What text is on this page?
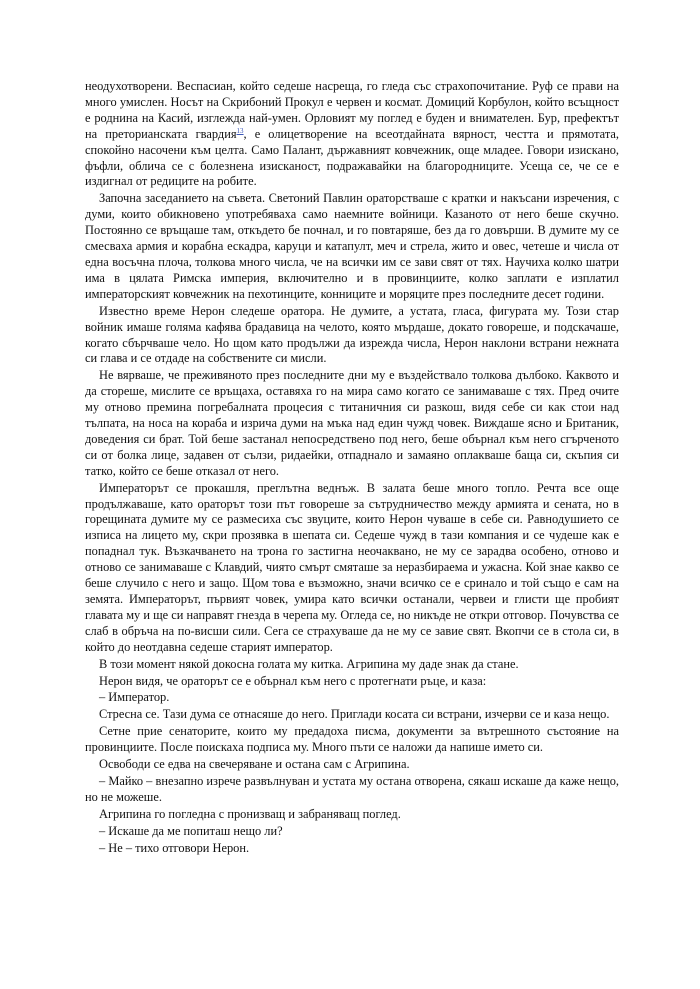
неодухотворени. Веспасиан, който седеше насреща, го гледа със страхопочитание. Руф се прави на много умислен. Носът на Скрибоний Прокул е червен и космат. Домиций Корбулон, който всъщност е роднина на Касий, изглежда най-умен. Орловият му поглед е буден и внимателен. Бур, префектът на преторианската гвардия$^{13}$, е олицетворение на всеотдайната вярност, честта и прямотата, спокойно насочени към целта. Само Палант, държавният ковчежник, още младее. Говори изискано, фъфли, облича се с болезнена изисканост, подражавайки на благородниците. Усеща се, че се е издигнал от редиците на робите.

Започна заседанието на съвета. Светоний Павлин ораторстваше с кратки и накъсани изречения, с думи, които обикновено употребяваха само наемните войници. Казаното от него беше скучно. Постоянно се връщаше там, откъдето бе почнал, и го повтаряше, без да го довърши. В думите му се смесваха армия и корабна ескадра, каруци и катапулт, меч и стрела, жито и овес, четеше и числа от една восъчна плоча, толкова много числа, че на всички им се зави свят от тях. Научиха колко шатри има в цялата Римска империя, включително и в провинциите, колко заплати е изплатил императорският ковчежник на пехотинците, конниците и моряците през последните десет години.

Известно време Нерон следеше оратора. Не думите, а устата, гласа, фигурата му. Този стар войник имаше голяма кафява брадавица на челото, която мърдаше, докато говореше, и подскачаше, когато сбърчваше чело. Но щом като продължи да изрежда числа, Нерон наклони встрани нежната си глава и се отдаде на собствените си мисли.

Не вярваше, че преживяното през последните дни му е въздействало толкова дълбоко. Каквото и да стореше, мислите се връщаха, оставяха го на мира само когато се занимаваше с тях. Пред очите му отново премина погребалната процесия с титаничния си разкош, видя себе си как стои над тълпата, на носа на кораба и изрича думи на мъка над един чужд човек. Виждаше ясно и Британик, доведения си брат. Той беше застанал непосредствено под него, беше обърнал към него сгърченото си от болка лице, задавен от сълзи, ридаейки, отпаднало и замаяно оплакваше баща си, скъпия си татко, който се беше отказал от него.

Императорът се прокашля, преглътна веднъж. В залата беше много топло. Речта все още продължаваше, като ораторът този път говореше за сътрудничество между армията и сената, но в горещината думите му се размесиха със звуците, които Нерон чуваше в себе си. Равнодушието се изписа на лицето му, скри прозявка в шепата си. Седеше чужд в тази компания и се чудеше как е попаднал тук. Възкачването на трона го застигна неочаквано, не му се зарадва особено, отново и отново се занимаваше с Клавдий, чиято смърт смяташе за неразбираема и ужасна. Кой знае какво се беше случило с него и защо. Щом това е възможно, значи всичко се е сринало и той също е сам на земята. Императорът, първият човек, умира като всички останали, червеи и глисти ще пробият главата му и ще си направят гнезда в черепа му. Огледа се, но никъде не откри отговор. Почувства се слаб в обръча на по-висши сили. Сега се страхуваше да не му се завие свят. Вкопчи се в стола си, в който до неотдавна седеше старият император.

В този момент някой докосна голата му китка. Агрипина му даде знак да стане.

Нерон видя, че ораторът се е обърнал към него с протегнати ръце, и каза:

– Император.

Стресна се. Тази дума се отнасяше до него. Приглади косата си встрани, изчерви се и каза нещо.

Сетне прие сенаторите, които му предадоха писма, документи за вътрешното състояние на провинциите. После поискаха подписа му. Много пъти се наложи да напише името си.

Освободи се едва на свечеряване и остана сам с Агрипина.

– Майко – внезапно изрече развълнуван и устата му остана отворена, сякаш искаше да каже нещо, но не можеше.

Агрипина го погледна с пронизващ и забраняващ поглед.

– Искаше да ме попиташ нещо ли?

– Не – тихо отговори Нерон.
